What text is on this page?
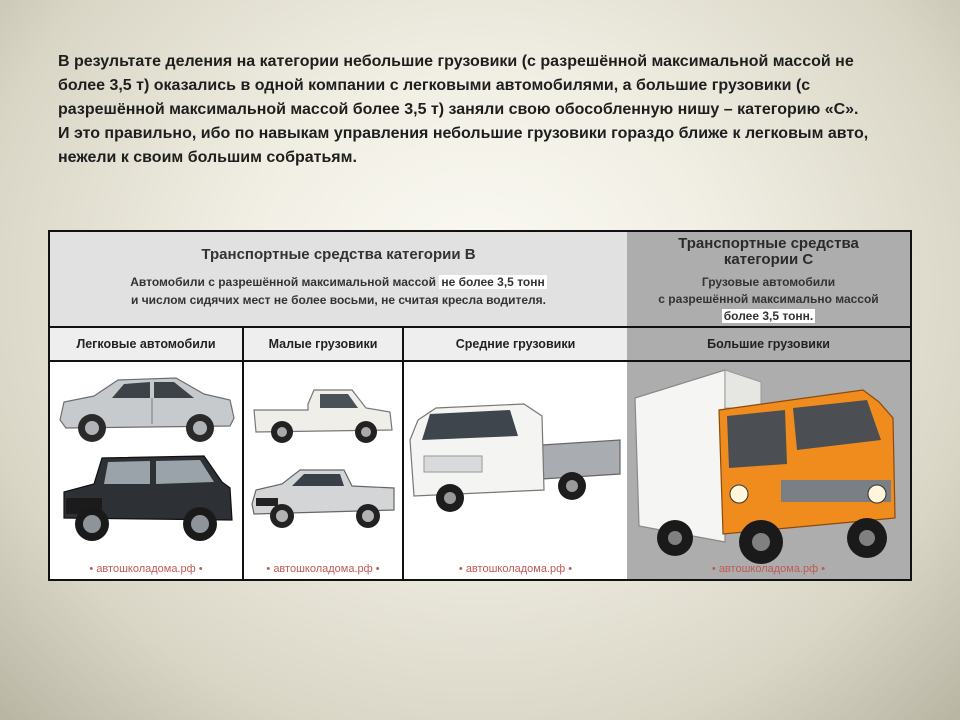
В результате деления на категории небольшие грузовики (с разрешённой максимальной массой не
более 3,5 т) оказались в одной компании с легковыми автомобилями, а большие грузовики (с
разрешённой максимальной массой более 3,5 т) заняли свою обособленную нишу – категорию «С».
И это правильно, ибо по навыкам управления небольшие грузовики гораздо ближе к легковым авто,
нежели к своим большим собратьям.
Транспортные средства категории В
Автомобили с разрешённой максимальной массой не более 3,5 тонн
и числом сидячих мест не более восьми, не считая кресла водителя.
Транспортные средства
категории С
Грузовые автомобили
с разрешённой максимально массой
более 3,5 тонн.
Легковые автомобили	Малые грузовики	Средние грузовики	Большие грузовики
• автошколадома.рф •	• автошколадома.рф •	• автошколадома.рф •	• автошколадома.рф •
